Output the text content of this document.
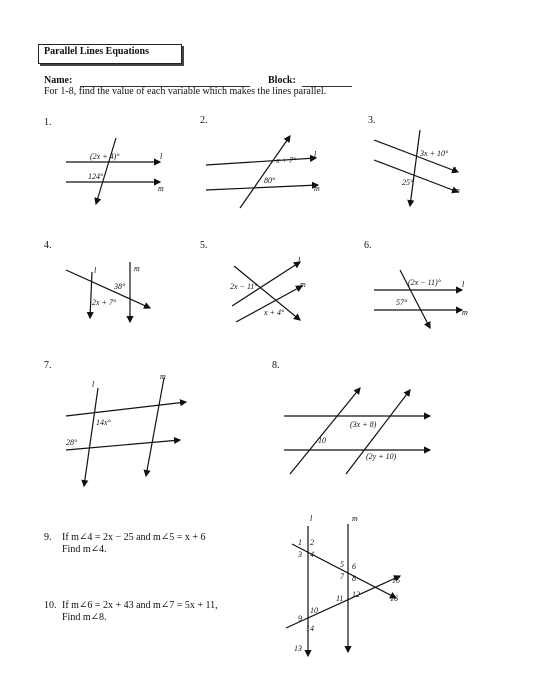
Parallel Lines Equations
Name:	Block:
For 1-8, find the value of each variable which makes the lines parallel.
1.	2.	3.
4.	5.	6.
7.	8.
(2x + 4)°
124°
l
m
x + 7°
80°
l
m
3x + 10°
25°
l
m
38°
2x + 7°
l	m
2x − 11°
x + 4°
l
m	(2x − 11)°
57°
l
m
14x°
28°
l
m
(3x + 8)
(2y + 10)
10
9. If m∠4 = 2x − 25 and m∠5 = x + 6
Find m∠4.
10. If m∠6 = 2x + 43 and m∠7 = 5x + 11,
Find m∠8.
l	m
1 2
3 4
5 6
7 8
9
10
11 12
13
14
15
16
